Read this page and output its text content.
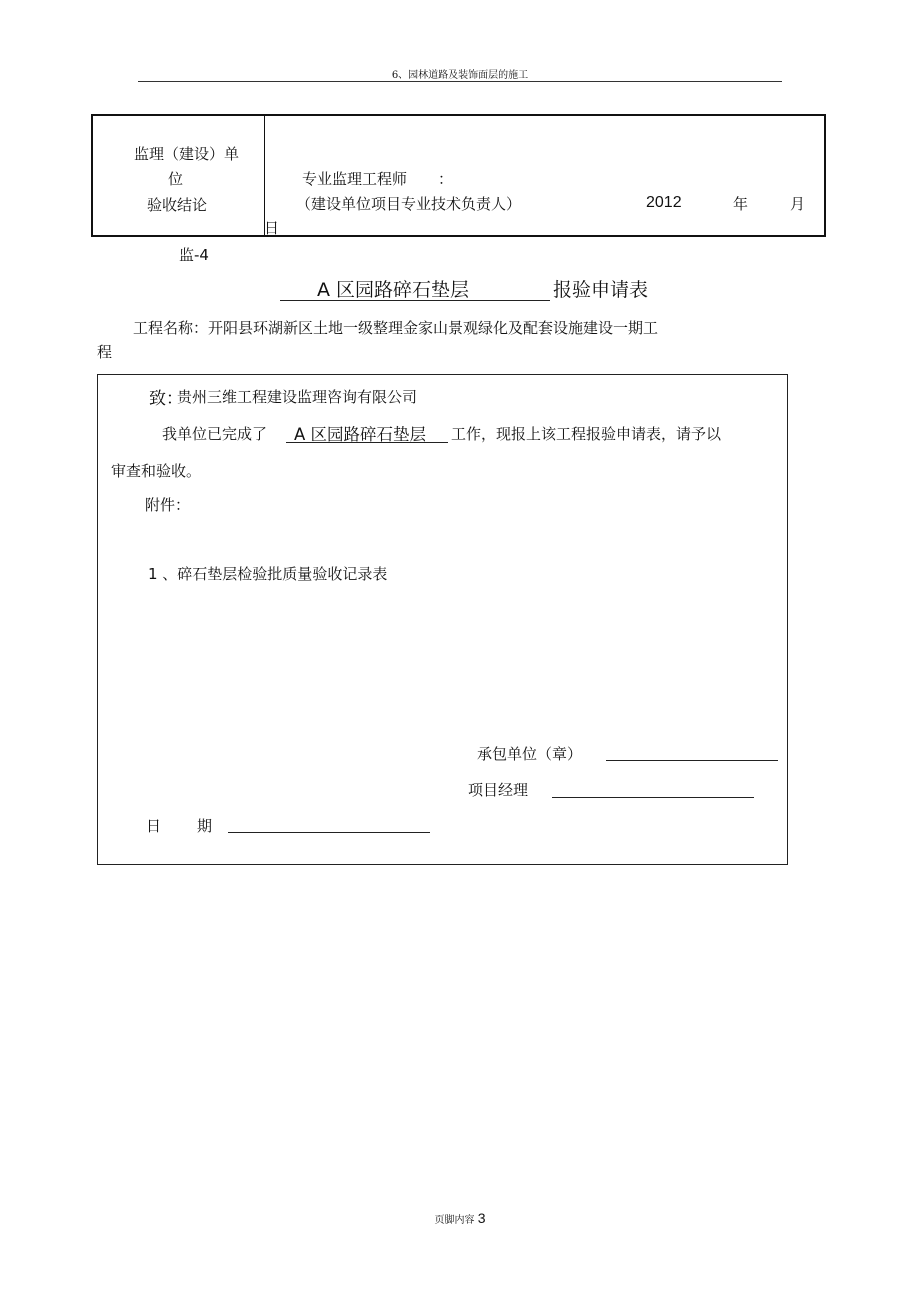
6、园林道路及装饰面层的施工
监理（建设）单
位
验收结论
专业监理工程师 ：
（建设单位项目专业技术负责人）	2012	年	月
日
监-4
A 区园路碎石垫层	报验申请表
工程名称：开阳县环湖新区土地一级整理金家山景观绿化及配套设施建设一期工
程
致：
贵州三维工程建设监理咨询有限公司
我单位已完成了 A 区园路碎石垫层 工作，现报上该工程报验申请表，请予以
审查和验收。
附件：
1 、碎石垫层检验批质量验收记录表
承包单位（章）
项目经理
日 期
页脚内容 3
